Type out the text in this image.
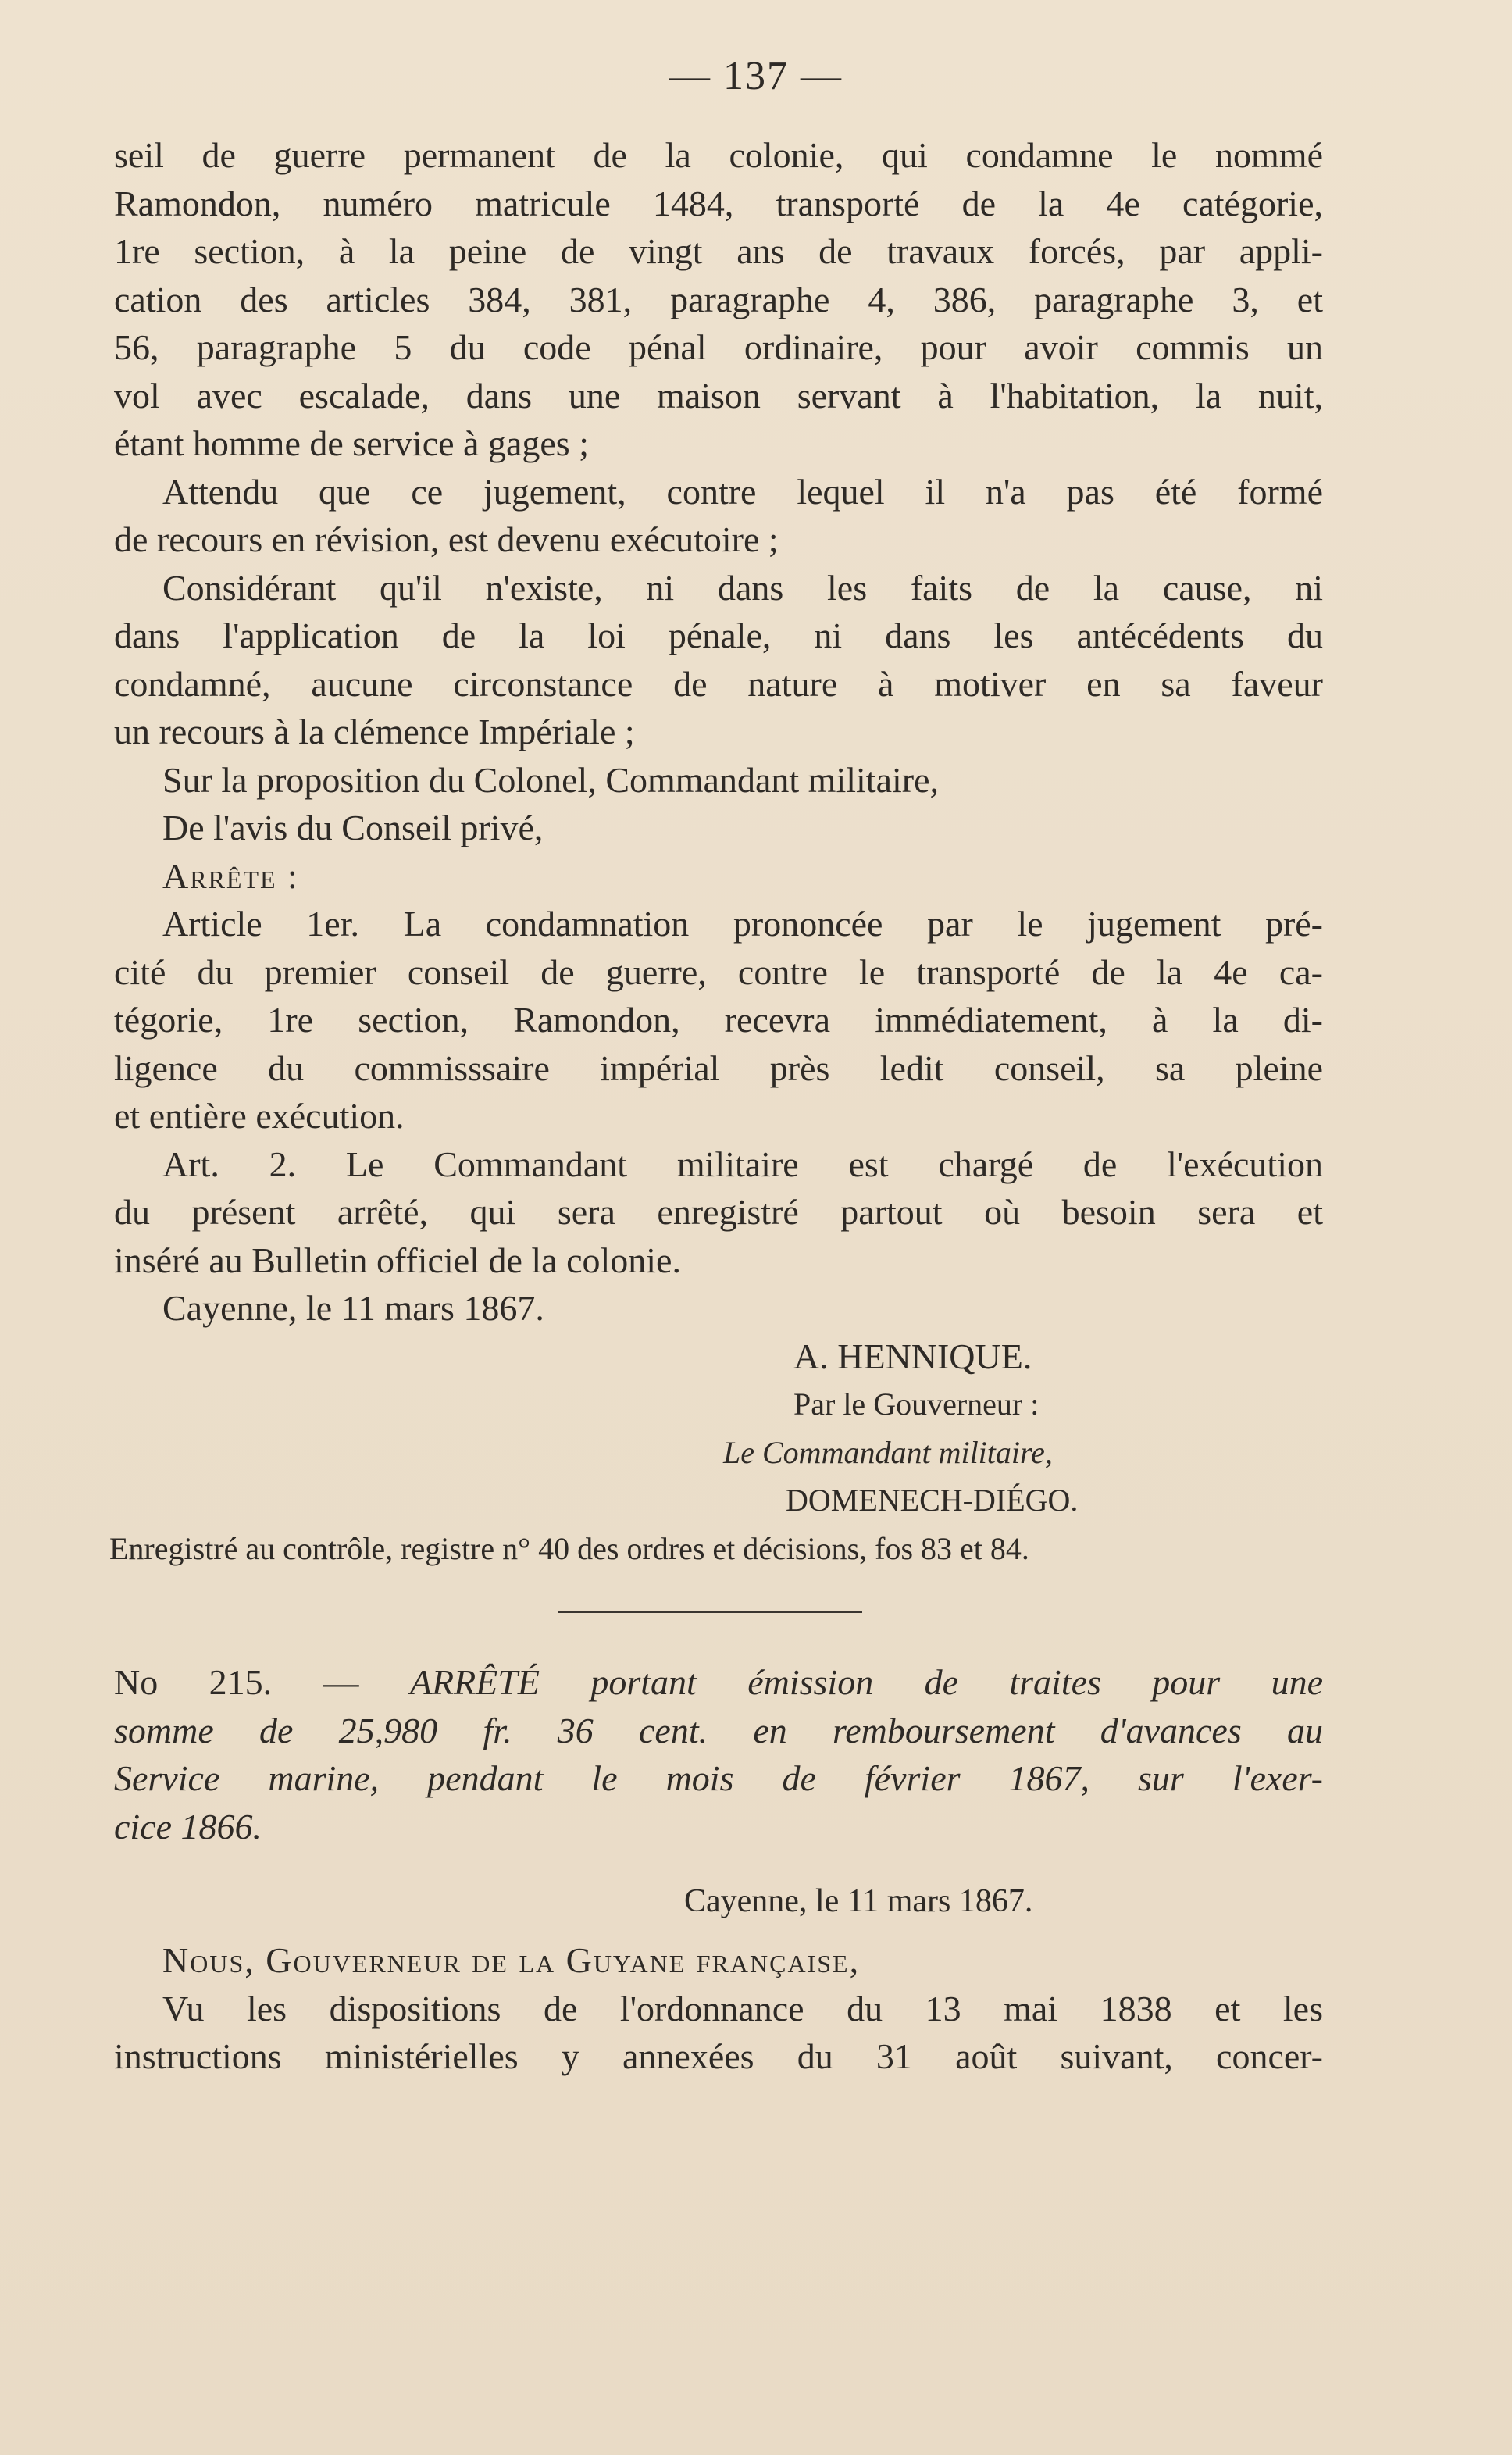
— 137 —
seil de guerre permanent de la colonie, qui condamne le nommé
Ramondon, numéro matricule 1484, transporté de la 4e catégorie,
1re section, à la peine de vingt ans de travaux forcés, par appli-
cation des articles 384, 381, paragraphe 4, 386, paragraphe 3, et
56, paragraphe 5 du code pénal ordinaire, pour avoir commis un
vol avec escalade, dans une maison servant à l'habitation, la nuit,
étant homme de service à gages ;
Attendu que ce jugement, contre lequel il n'a pas été formé
de recours en révision, est devenu exécutoire ;
Considérant qu'il n'existe, ni dans les faits de la cause, ni
dans l'application de la loi pénale, ni dans les antécédents du
condamné, aucune circonstance de nature à motiver en sa faveur
un recours à la clémence Impériale ;
Sur la proposition du Colonel, Commandant militaire,
De l'avis du Conseil privé,
Arrête :
Article 1er. La condamnation prononcée par le jugement pré-
cité du premier conseil de guerre, contre le transporté de la 4e ca-
tégorie, 1re section, Ramondon, recevra immédiatement, à la di-
ligence du commisssaire impérial près ledit conseil, sa pleine
et entière exécution.
Art. 2. Le Commandant militaire est chargé de l'exécution
du présent arrêté, qui sera enregistré partout où besoin sera et
inséré au Bulletin officiel de la colonie.
Cayenne, le 11 mars 1867.
A. HENNIQUE.
Par le Gouverneur :
Le Commandant militaire,
DOMENECH-DIÉGO.
Enregistré au contrôle, registre n° 40 des ordres et décisions, fos 83 et 84.
No 215. — ARRÊTÉ portant émission de traites pour une
somme de 25,980 fr. 36 cent. en remboursement d'avances au
Service marine, pendant le mois de février 1867, sur l'exer-
cice 1866.
Cayenne, le 11 mars 1867.
Nous, Gouverneur de la Guyane française,
Vu les dispositions de l'ordonnance du 13 mai 1838 et les
instructions ministérielles y annexées du 31 août suivant, concer-
